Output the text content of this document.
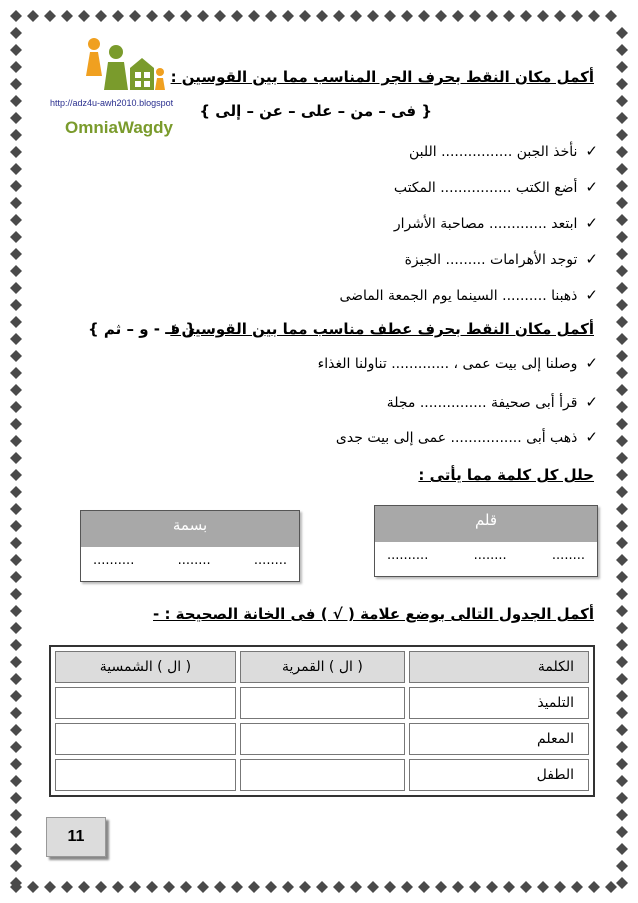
http://adz4u-awh2010.blogspot
OmniaWagdy
أكمل مكان النقط بحرف الجر المناسب مما بين القوسين :
{ فى – من – على – عن – إلى }
✓نأخذ الجبن ................ اللبن
✓أضع الكتب ................ المكتب
✓ابتعد ............. مصاحبة الأشرار
✓توجد الأهرامات ......... الجيزة
✓ذهبنا .......... السينما يوم الجمعة الماضى
أكمل مكان النقط بحرف عطف مناسب مما بين القوسين :
{ فـ - و – ثم }
✓وصلنا إلى بيت عمى ، ............. تناولنا الغذاء
✓قرأ أبى صحيفة ............... مجلة
✓ذهب أبى ................ عمى إلى بيت جدى
حلل كل كلمة مما يأتى :
قلم
..........	........	........
بسمة
..........	........	........
أكمل الجدول التالى بوضع علامة ( √ ) فى الخانة الصحيحة : -
الكلمة	( ال ) القمرية	( ال ) الشمسية
التلميذ		
المعلم		
الطفل		
11
